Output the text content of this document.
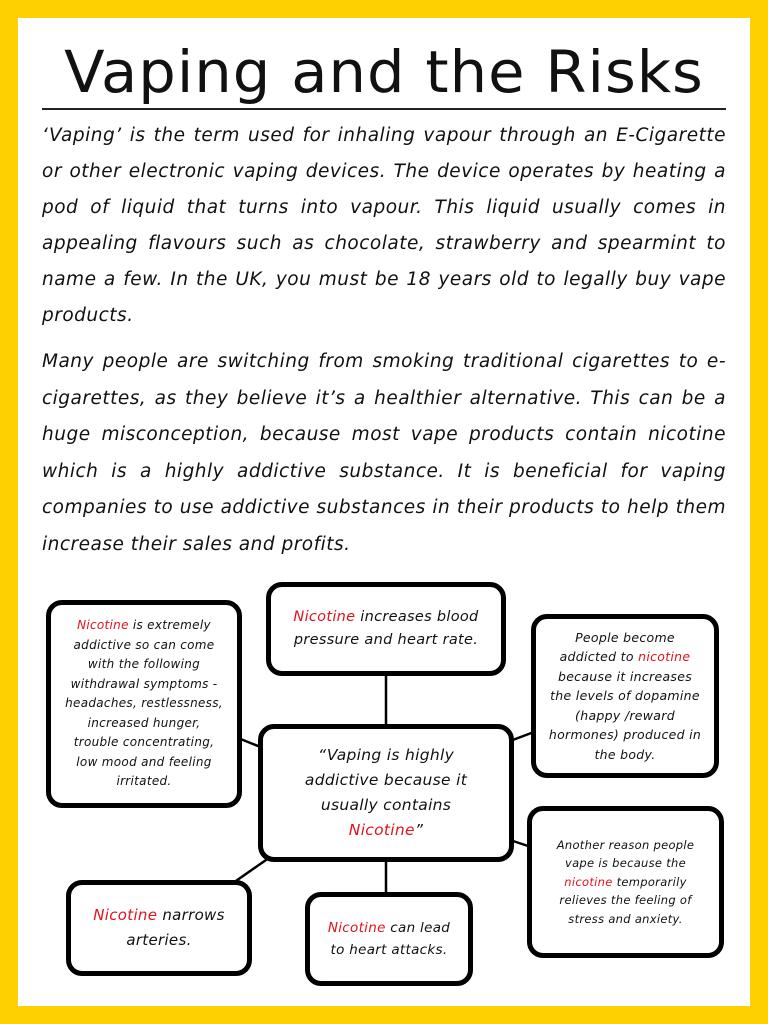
Vaping and the Risks
‘Vaping’ is the term used for inhaling vapour through an E-Cigarette or other electronic vaping devices. The device operates by heating a pod of liquid that turns into vapour. This liquid usually comes in appealing flavours such as chocolate, strawberry and spearmint to name a few. In the UK, you must be 18 years old to legally buy vape products.
Many people are switching from smoking traditional cigarettes to e-cigarettes, as they believe it’s a healthier alternative. This can be a huge misconception, because most vape products contain nicotine which is a highly addictive substance. It is beneficial for vaping companies to use addictive substances in their products to help them increase their sales and profits.
“Vaping is highly addictive because it usually contains Nicotine”
Nicotine is extremely addictive so can come with the following withdrawal symptoms - headaches, restlessness, increased hunger, trouble concentrating, low mood and feeling irritated.
Nicotine increases blood pressure and heart rate.	People become addicted to nicotine because it increases the levels of dopamine (happy /reward hormones) produced in the body.
Another reason people vape is because the nicotine temporarily relieves the feeling of stress and anxiety.
Nicotine narrows arteries.
Nicotine can lead to heart attacks.
